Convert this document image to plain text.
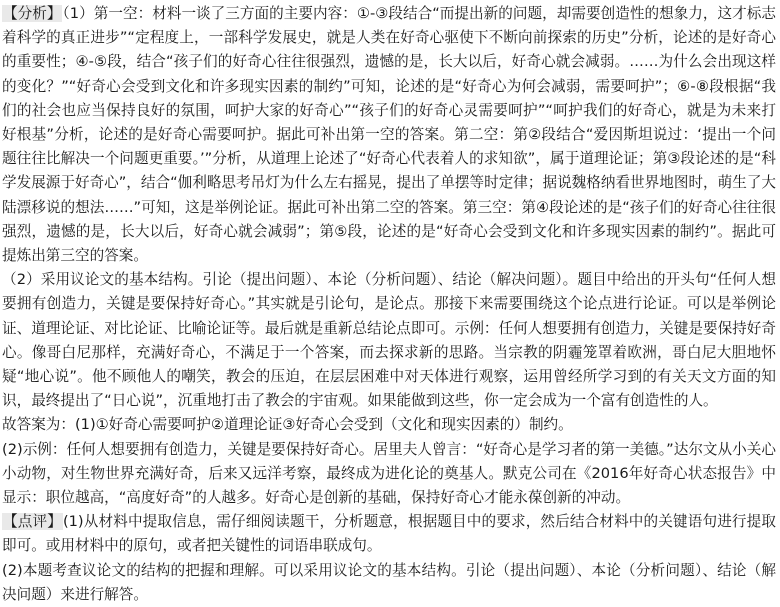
【分析】（1）第一空：材料一谈了三方面的主要内容：①-③段结合“而提出新的问题，却需要创造性的想象力，这才标志着科学的真正进步”“定程度上，一部科学发展史，就是人类在好奇心驱使下不断向前探索的历史”分析，论述的是好奇心的重要性；④-⑤段，结合“孩子们的好奇心往往很强烈，遗憾的是，长大以后，好奇心就会减弱。……为什么会出现这样的变化？”“好奇心会受到文化和许多现实因素的制约”可知，论述的是“好奇心为何会减弱，需要呵护”；⑥-⑧段根据“我们的社会也应当保持良好的氛围，呵护大家的好奇心”“孩子们的好奇心灵需要呵护”“呵护我们的好奇心，就是为未来打好根基”分析，论述的是好奇心需要呵护。据此可补出第一空的答案。第二空：第②段结合“爱因斯坦说过：‘提出一个问题往往比解决一个问题更重要。’”分析，从道理上论述了“好奇心代表着人的求知欲”，属于道理论证；第③段论述的是“科学发展源于好奇心”，结合“伽利略思考吊灯为什么左右摇晃，提出了单摆等时定律；据说魏格纳看世界地图时，萌生了大陆漂移说的想法……”可知，这是举例论证。据此可补出第二空的答案。第三空：第④段论述的是“孩子们的好奇心往往很强烈，遗憾的是，长大以后，好奇心就会减弱”；第⑤段，论述的是“好奇心会受到文化和许多现实因素的制约”。据此可提炼出第三空的答案。

（2）采用议论文的基本结构。引论（提出问题）、本论（分析问题）、结论（解决问题）。题目中给出的开头句“任何人想要拥有创造力，关键是要保持好奇心。”其实就是引论句，是论点。那接下来需要围绕这个论点进行论证。可以是举例论证、道理论证、对比论证、比喻论证等。最后就是重新总结论点即可。示例：任何人想要拥有创造力，关键是要保持好奇心。像哥白尼那样，充满好奇心，不满足于一个答案，而去探求新的思路。当宗教的阴霾笼罩着欧洲，哥白尼大胆地怀疑“地心说”。他不顾他人的嘲笑，教会的压迫，在层层困难中对天体进行观察，运用曾经所学习到的有关天文方面的知识，最终提出了“日心说”，沉重地打击了教会的宇宙观。如果能做到这些，你一定会成为一个富有创造性的人。

故答案为：(1)①好奇心需要呵护②道理论证③好奇心会受到（文化和现实因素的）制约。

(2)示例：任何人想要拥有创造力，关键是要保持好奇心。居里夫人曾言：“好奇心是学习者的第一美德。”达尔文从小关心小动物，对生物世界充满好奇，后来又远洋考察，最终成为进化论的奠基人。默克公司在《2016年好奇心状态报告》中显示：职位越高，“高度好奇”的人越多。好奇心是创新的基础，保持好奇心才能永葆创新的冲动。

【点评】(1)从材料中提取信息，需仔细阅读题干，分析题意，根据题目中的要求，然后结合材料中的关键语句进行提取即可。或用材料中的原句，或者把关键性的词语串联成句。

(2)本题考查议论文的结构的把握和理解。可以采用议论文的基本结构。引论（提出问题）、本论（分析问题）、结论（解决问题）来进行解答。
